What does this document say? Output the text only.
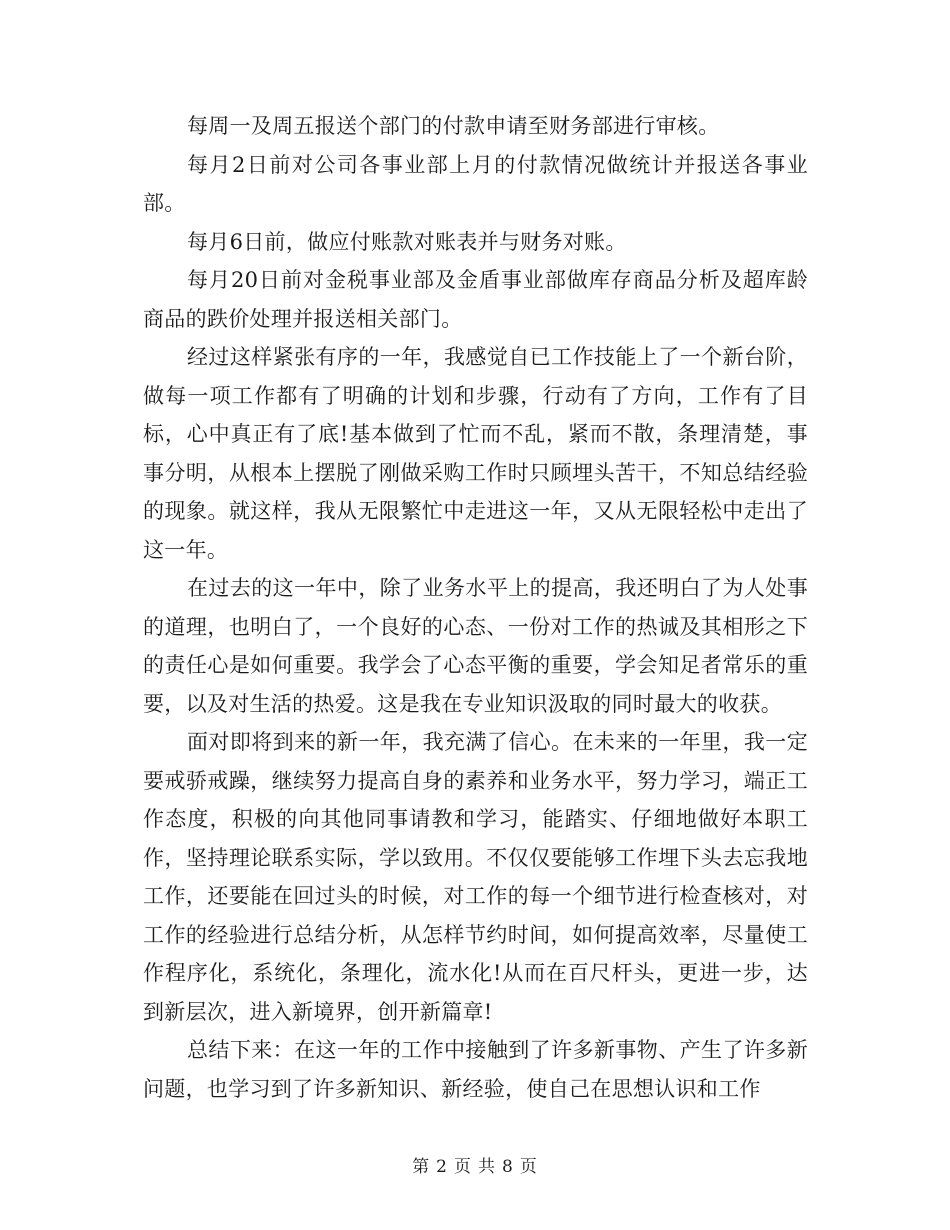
每周一及周五报送个部门的付款申请至财务部进行审核。

每月2日前对公司各事业部上月的付款情况做统计并报送各事业部。

每月6日前，做应付账款对账表并与财务对账。

每月20日前对金税事业部及金盾事业部做库存商品分析及超库龄商品的跌价处理并报送相关部门。

经过这样紧张有序的一年，我感觉自已工作技能上了一个新台阶，做每一项工作都有了明确的计划和步骤，行动有了方向，工作有了目标，心中真正有了底!基本做到了忙而不乱，紧而不散，条理清楚，事事分明，从根本上摆脱了刚做采购工作时只顾埋头苦干，不知总结经验的现象。就这样，我从无限繁忙中走进这一年，又从无限轻松中走出了这一年。

在过去的这一年中，除了业务水平上的提高，我还明白了为人处事的道理，也明白了，一个良好的心态、一份对工作的热诚及其相形之下的责任心是如何重要。我学会了心态平衡的重要，学会知足者常乐的重要，以及对生活的热爱。这是我在专业知识汲取的同时最大的收获。

面对即将到来的新一年，我充满了信心。在未来的一年里，我一定要戒骄戒躁，继续努力提高自身的素养和业务水平，努力学习，端正工作态度，积极的向其他同事请教和学习，能踏实、仔细地做好本职工作，坚持理论联系实际，学以致用。不仅仅要能够工作埋下头去忘我地工作，还要能在回过头的时候，对工作的每一个细节进行检查核对，对工作的经验进行总结分析，从怎样节约时间，如何提高效率，尽量使工作程序化，系统化，条理化，流水化!从而在百尺杆头，更进一步，达到新层次，进入新境界，创开新篇章!

总结下来：在这一年的工作中接触到了许多新事物、产生了许多新问题，也学习到了许多新知识、新经验，使自己在思想认识和工作

第 2 页 共 8 页
